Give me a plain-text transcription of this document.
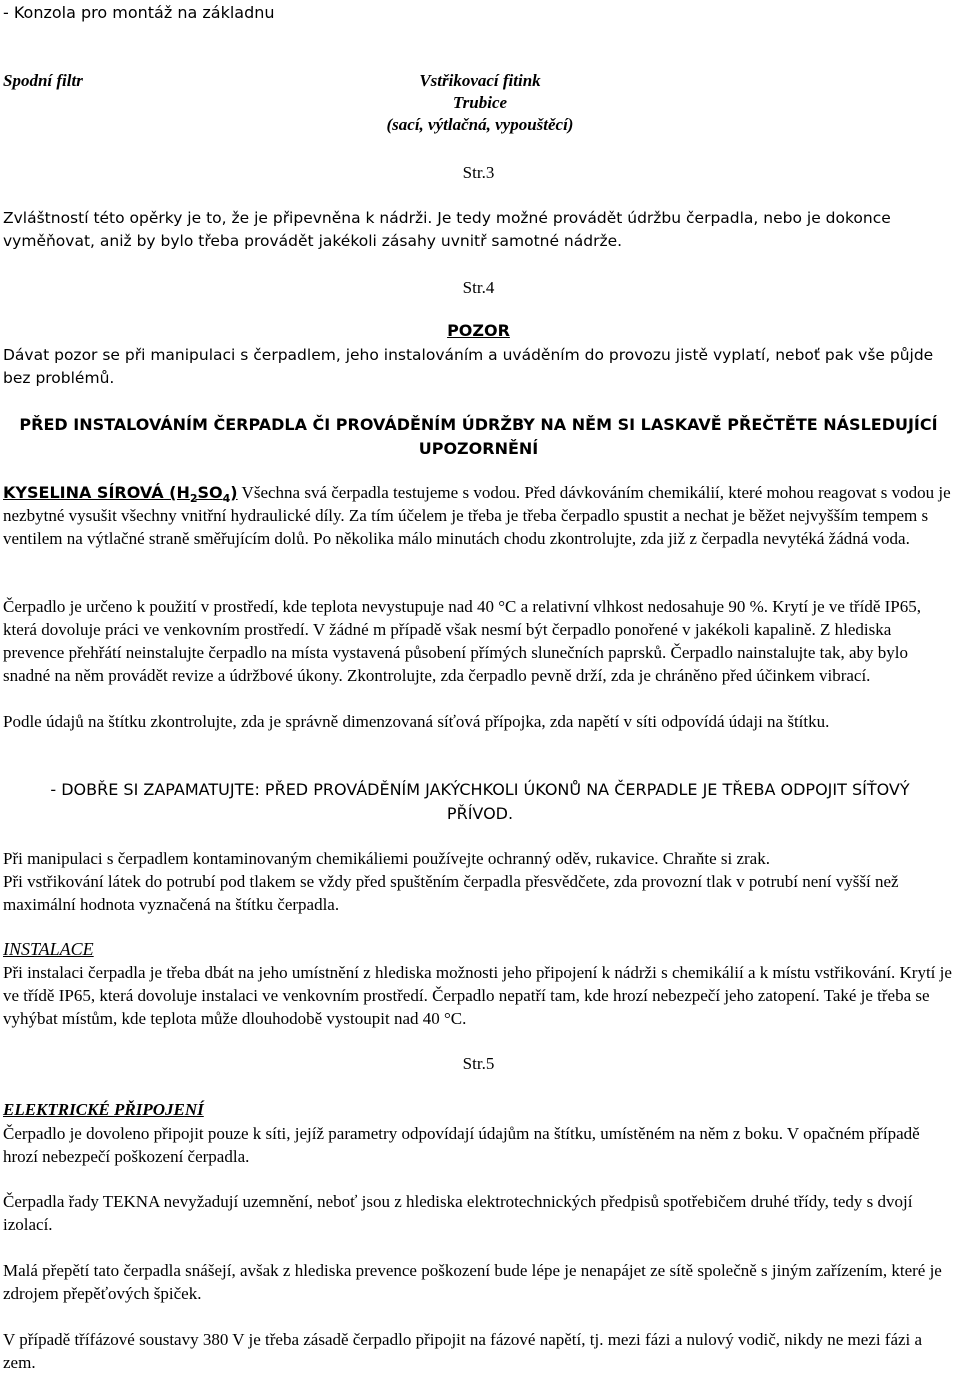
- Konzola pro montáž na základnu

Spodní filtr	Vstřikovací fitink
Trubice
(sací, výtlačná, vypouštěcí)

Str.3

Zvláštností této opěrky je to, že je připevněna k nádrži. Je tedy možné provádět údržbu čerpadla, nebo je dokonce vyměňovat, aniž by bylo třeba provádět jakékoli zásahy uvnitř samotné nádrže.

Str.4

POZOR

Dávat pozor se při manipulaci s čerpadlem, jeho instalováním a uváděním do provozu jistě vyplatí, neboť pak vše půjde bez problémů.

PŘED INSTALOVÁNÍM ČERPADLA ČI PROVÁDĚNÍM ÚDRŽBY NA NĚM SI LASKAVĚ PŘEČTĚTE NÁSLEDUJÍCÍ UPOZORNĚNÍ

KYSELINA SÍROVÁ $(H_2SO_4)$ Všechna svá čerpadla testujeme s vodou. Před dávkováním chemikálií, které mohou reagovat s vodou je nezbytné vysušit všechny vnitřní hydraulické díly. Za tím účelem je třeba je třeba čerpadlo spustit a nechat je běžet nejvyšším tempem s ventilem na výtlačné straně směřujícím dolů. Po několika málo minutách chodu zkontrolujte, zda již z čerpadla nevytéká žádná voda.

Čerpadlo je určeno k použití v prostředí, kde teplota nevystupuje nad 40 °C a relativní vlhkost nedosahuje 90 %. Krytí je ve třídě IP65, která dovoluje práci ve venkovním prostředí. V žádné m případě však nesmí být čerpadlo ponořené v jakékoli kapalině. Z hlediska prevence přehřátí neinstalujte čerpadlo na místa vystavená působení přímých slunečních paprsků. Čerpadlo nainstalujte tak, aby bylo snadné na něm provádět revize a údržbové úkony. Zkontrolujte, zda čerpadlo pevně drží, zda je chráněno před účinkem vibrací.

Podle údajů na štítku zkontrolujte, zda je správně dimenzovaná síťová přípojka, zda napětí v síti odpovídá údaji na štítku.

- DOBŘE SI ZAPAMATUJTE: PŘED PROVÁDĚNÍM JAKÝCHKOLI ÚKONŮ NA ČERPADLE JE TŘEBA ODPOJIT SÍŤOVÝ PŘÍVOD.

Při manipulaci s čerpadlem kontaminovaným chemikáliemi používejte ochranný oděv, rukavice. Chraňte si zrak.

Při vstřikování látek do potrubí pod tlakem se vždy před spuštěním čerpadla přesvědčete, zda provozní tlak v potrubí není vyšší než maximální hodnota vyznačená na štítku čerpadla.

INSTALACE

Při instalaci čerpadla je třeba dbát na jeho umístnění z hlediska možnosti jeho připojení k nádrži s chemikálií a k místu vstřikování. Krytí je ve třídě IP65, která dovoluje instalaci ve venkovním prostředí. Čerpadlo nepatří tam, kde hrozí nebezpečí jeho zatopení. Také je třeba se vyhýbat místům, kde teplota může dlouhodobě vystoupit nad 40 °C.

Str.5

ELEKTRICKÉ PŘIPOJENÍ

Čerpadlo je dovoleno připojit pouze k síti, jejíž parametry odpovídají údajům na štítku, umístěném na něm z boku. V opačném případě hrozí nebezpečí poškození čerpadla.

Čerpadla řady TEKNA nevyžadují uzemnění, neboť jsou z hlediska elektrotechnických předpisů spotřebičem druhé třídy, tedy s dvojí izolací.

Malá přepětí tato čerpadla snášejí, avšak z hlediska prevence poškození bude lépe je nenapájet ze sítě společně s jiným zařízením, které je zdrojem přepěťových špiček.

V případě třífázové soustavy 380 V je třeba zásadě čerpadlo připojit na fázové napětí, tj. mezi fázi a nulový vodič, nikdy ne mezi fázi a zem.
